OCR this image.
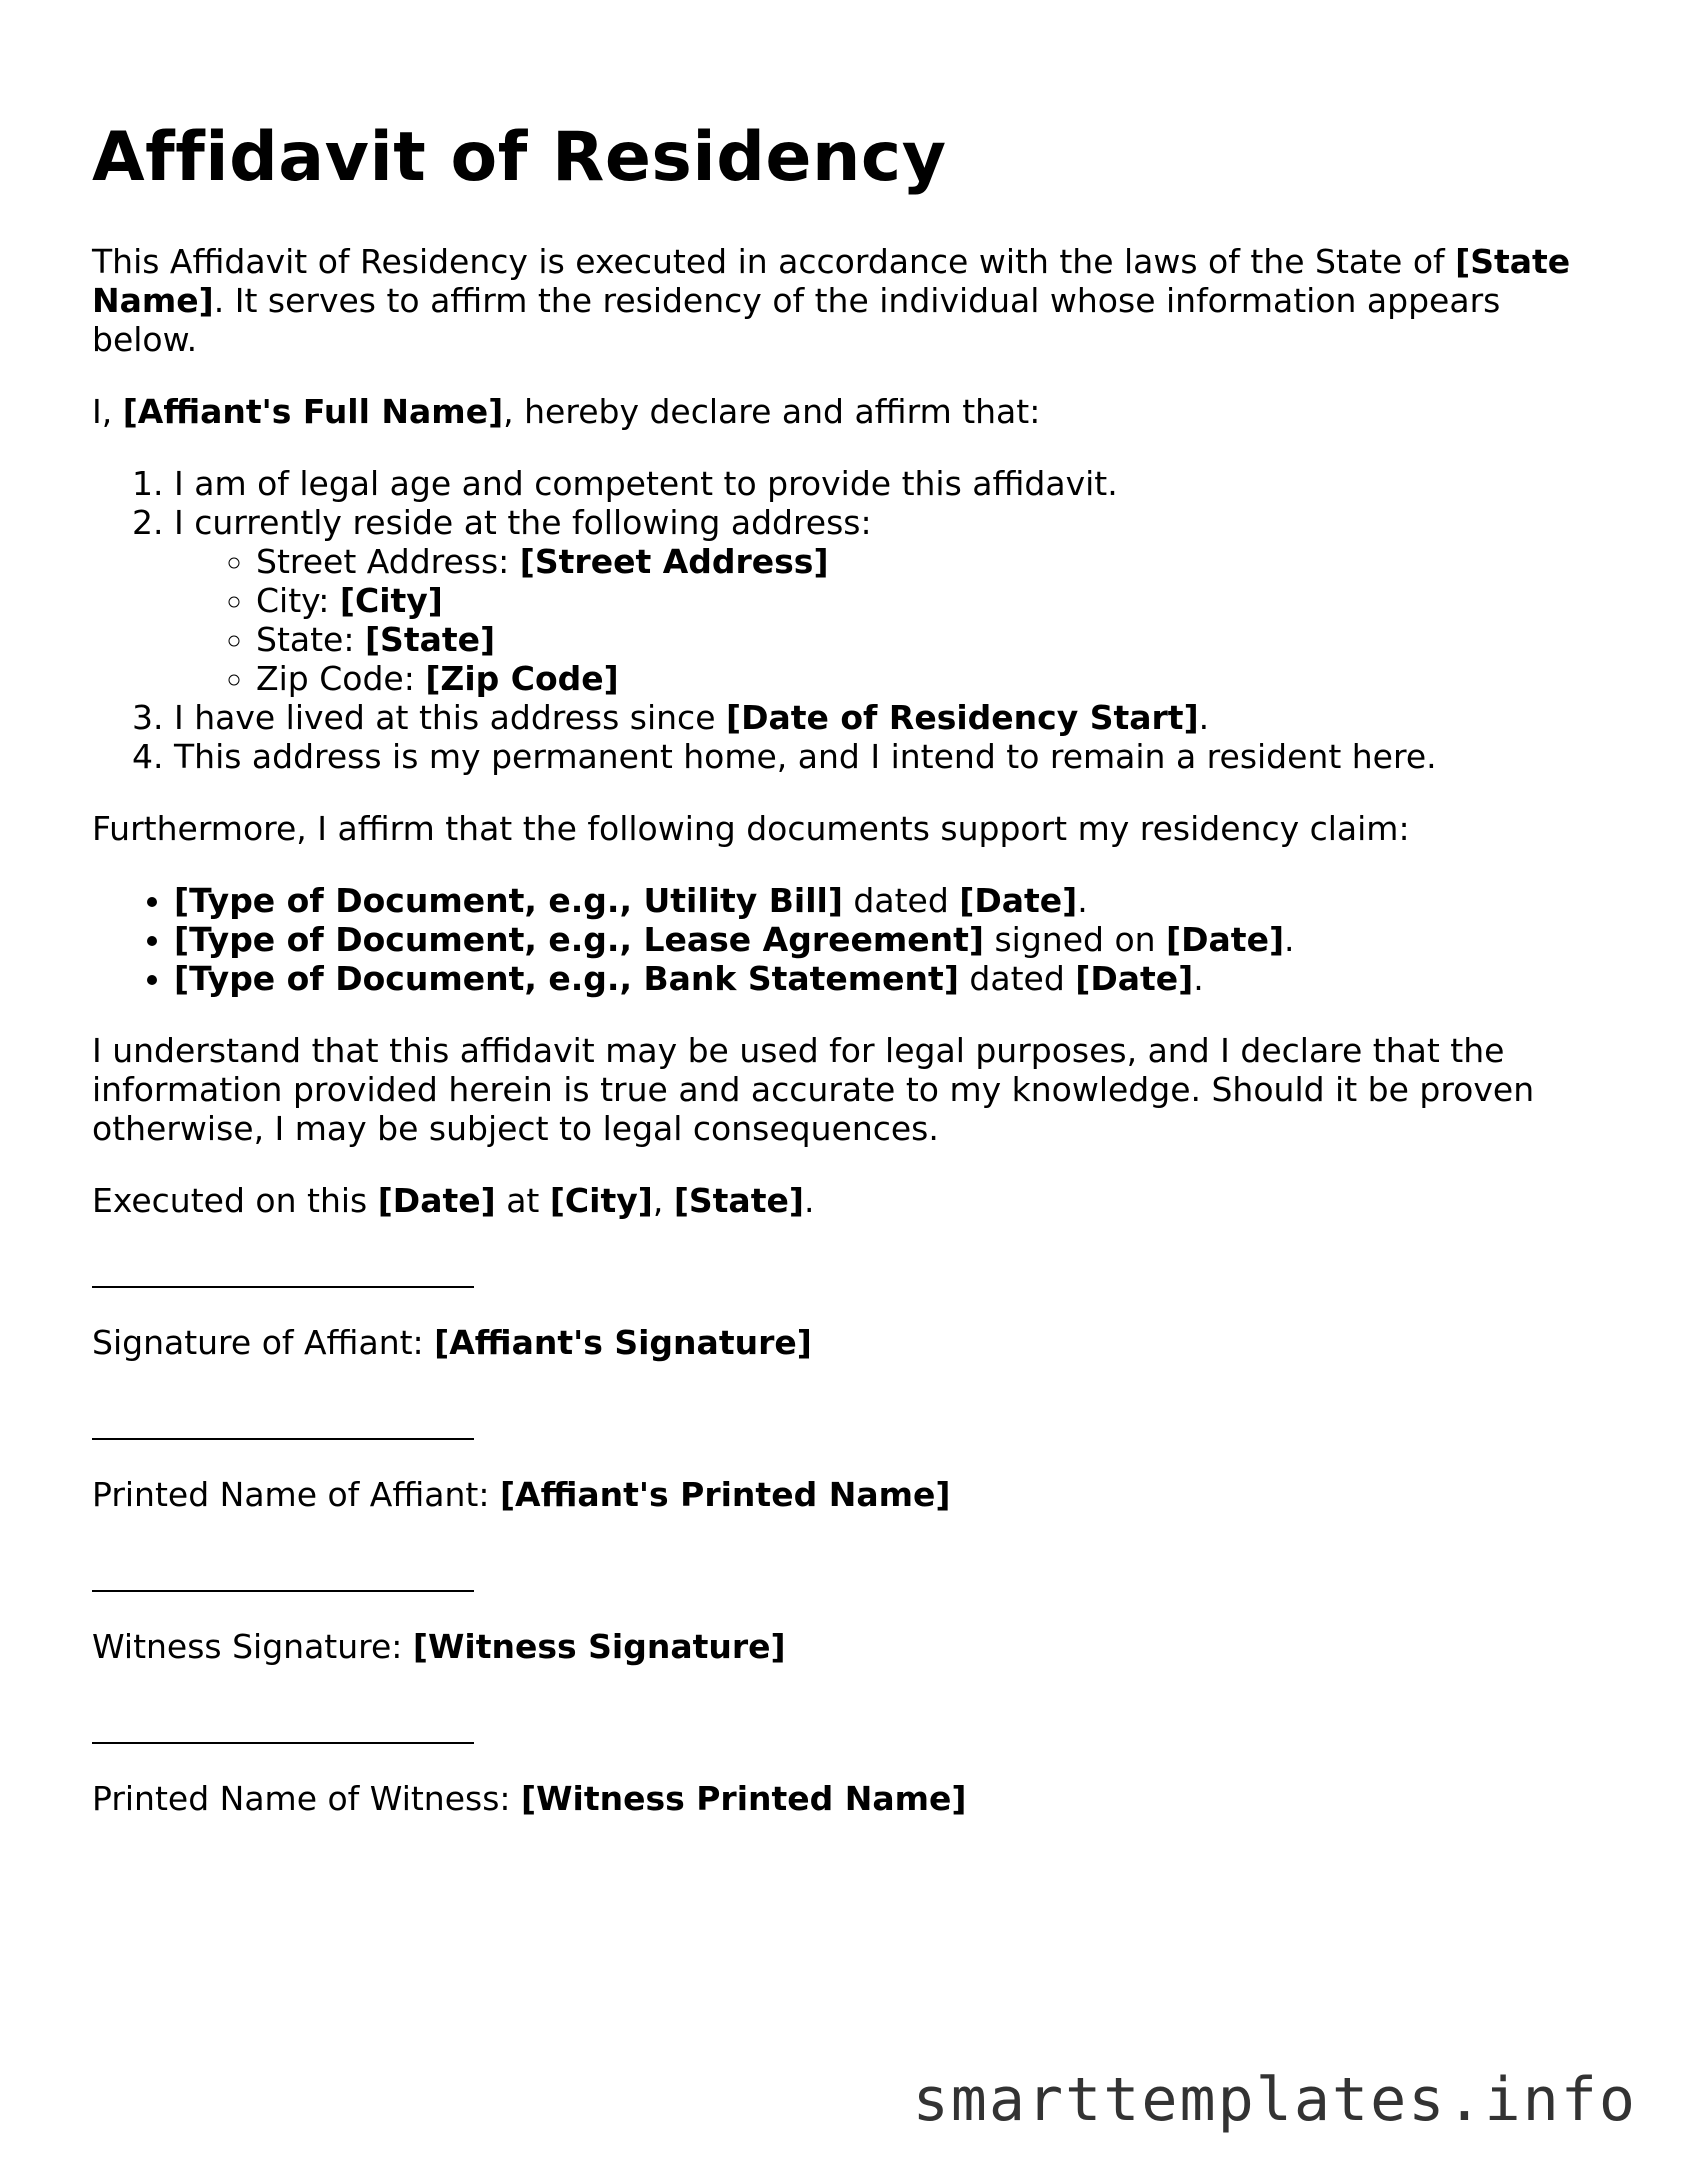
Affidavit of Residency

This Affidavit of Residency is executed in accordance with the laws of the State of [State Name]. It serves to affirm the residency of the individual whose information appears below.

I, [Affiant's Full Name], hereby declare and affirm that:

1. I am of legal age and competent to provide this affidavit.
2. I currently reside at the following address:
◦ Street Address: [Street Address]
◦ City: [City]
◦ State: [State]
◦ Zip Code: [Zip Code]
3. I have lived at this address since [Date of Residency Start].
4. This address is my permanent home, and I intend to remain a resident here.

Furthermore, I affirm that the following documents support my residency claim:

• [Type of Document, e.g., Utility Bill] dated [Date].
• [Type of Document, e.g., Lease Agreement] signed on [Date].
• [Type of Document, e.g., Bank Statement] dated [Date].

I understand that this affidavit may be used for legal purposes, and I declare that the information provided herein is true and accurate to my knowledge. Should it be proven otherwise, I may be subject to legal consequences.

Executed on this [Date] at [City], [State].

Signature of Affiant: [Affiant's Signature]

Printed Name of Affiant: [Affiant's Printed Name]

Witness Signature: [Witness Signature]

Printed Name of Witness: [Witness Printed Name]

smarttemplates.info
